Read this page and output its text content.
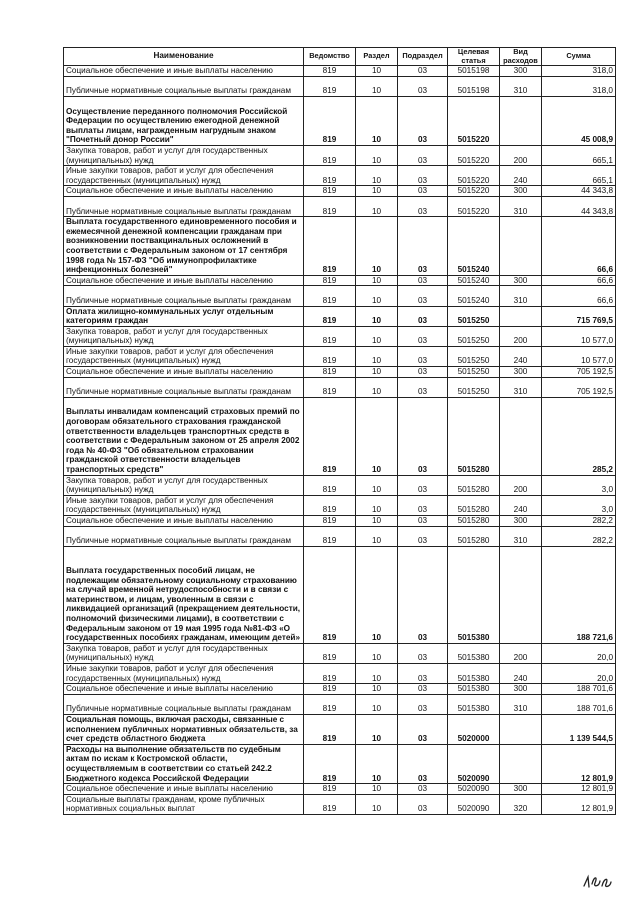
Наименование	Ведомство	Раздел	Подраздел	Целевая статья	Вид расходов	Сумма
Социальное обеспечение и иные выплаты населению	819	10	03	5015198	300	318,0
Публичные нормативные социальные выплаты гражданам	819	10	03	5015198	310	318,0
Осуществление переданного полномочия Российской Федерации по осуществлению ежегодной денежной выплаты лицам, награжденным нагрудным знаком "Почетный донор России"	819	10	03	5015220		45 008,9
Закупка товаров, работ и услуг для государственных (муниципальных) нужд	819	10	03	5015220	200	665,1
Иные закупки товаров, работ и услуг для обеспечения государственных (муниципальных) нужд	819	10	03	5015220	240	665,1
Социальное обеспечение и иные выплаты населению	819	10	03	5015220	300	44 343,8
Публичные нормативные социальные выплаты гражданам	819	10	03	5015220	310	44 343,8
Выплата государственного единовременного пособия и ежемесячной денежной компенсации гражданам при возникновении поствакцинальных осложнений в соответствии с Федеральным законом от 17 сентября 1998 года № 157-ФЗ "Об иммунопрофилактике инфекционных болезней"	819	10	03	5015240		66,6
Социальное обеспечение и иные выплаты населению	819	10	03	5015240	300	66,6
Публичные нормативные социальные выплаты гражданам	819	10	03	5015240	310	66,6
Оплата жилищно-коммунальных услуг отдельным категориям граждан	819	10	03	5015250		715 769,5
Закупка товаров, работ и услуг для государственных (муниципальных) нужд	819	10	03	5015250	200	10 577,0
Иные закупки товаров, работ и услуг для обеспечения государственных (муниципальных) нужд	819	10	03	5015250	240	10 577,0
Социальное обеспечение и иные выплаты населению	819	10	03	5015250	300	705 192,5
Публичные нормативные социальные выплаты гражданам	819	10	03	5015250	310	705 192,5
Выплаты инвалидам компенсаций страховых премий по договорам обязательного страхования гражданской ответственности владельцев транспортных средств в соответствии с Федеральным законом от 25 апреля 2002 года № 40-ФЗ "Об обязательном страховании гражданской ответственности владельцев транспортных средств"	819	10	03	5015280		285,2
Закупка товаров, работ и услуг для государственных (муниципальных) нужд	819	10	03	5015280	200	3,0
Иные закупки товаров, работ и услуг для обеспечения государственных (муниципальных) нужд	819	10	03	5015280	240	3,0
Социальное обеспечение и иные выплаты населению	819	10	03	5015280	300	282,2
Публичные нормативные социальные выплаты гражданам	819	10	03	5015280	310	282,2
Выплата государственных пособий лицам, не подлежащим обязательному социальному страхованию на случай временной нетрудоспособности и в связи с материнством, и лицам, уволенным в связи с ликвидацией организаций (прекращением деятельности, полномочий физическими лицами), в соответствии с Федеральным законом от 19 мая 1995 года №81-ФЗ «О государственных пособиях гражданам, имеющим детей»	819	10	03	5015380		188 721,6
Закупка товаров, работ и услуг для государственных (муниципальных) нужд	819	10	03	5015380	200	20,0
Иные закупки товаров, работ и услуг для обеспечения государственных (муниципальных) нужд	819	10	03	5015380	240	20,0
Социальное обеспечение и иные выплаты населению	819	10	03	5015380	300	188 701,6
Публичные нормативные социальные выплаты гражданам	819	10	03	5015380	310	188 701,6
Социальная помощь, включая расходы, связанные с исполнением публичных нормативных обязательств, за счет средств областного бюджета	819	10	03	5020000		1 139 544,5
Расходы на выполнение обязательств по судебным актам по искам к Костромской области, осуществляемым в соответствии со статьей 242.2 Бюджетного кодекса Российской Федерации	819	10	03	5020090		12 801,9
Социальное обеспечение и иные выплаты населению	819	10	03	5020090	300	12 801,9
Социальные выплаты гражданам, кроме публичных нормативных социальных выплат	819	10	03	5020090	320	12 801,9
